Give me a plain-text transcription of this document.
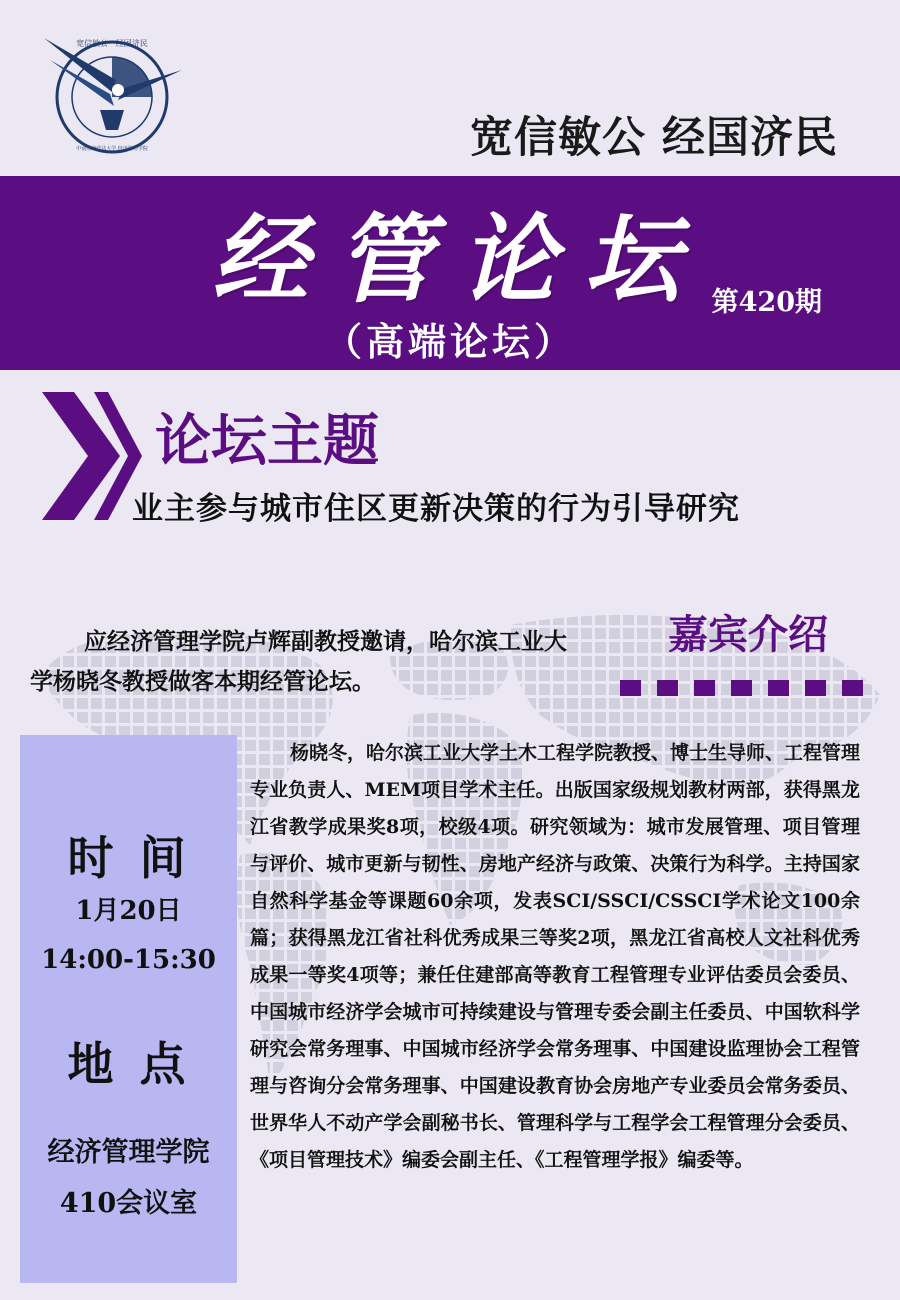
宽信敏公 · 经国济民
中南财经政法大学 经济管理学院	宽信敏公 经国济民
经管论坛 第420期
（高端论坛）
论坛主题
业主参与城市住区更新决策的行为引导研究
应经济管理学院卢辉副教授邀请，哈尔滨工业大学杨晓冬教授做客本期经管论坛。
嘉宾介绍
时间
1月20日
14:00-15:30
地点
经济管理学院
410会议室
杨晓冬，哈尔滨工业大学土木工程学院教授、博士生导师、工程管理专业负责人、MEM项目学术主任。出版国家级规划教材两部，获得黑龙江省教学成果奖8项，校级4项。研究领域为：城市发展管理、项目管理与评价、城市更新与韧性、房地产经济与政策、决策行为科学。主持国家自然科学基金等课题60余项，发表SCI/SSCI/CSSCI学术论文100余篇；获得黑龙江省社科优秀成果三等奖2项，黑龙江省高校人文社科优秀成果一等奖4项等；兼任住建部高等教育工程管理专业评估委员会委员、中国城市经济学会城市可持续建设与管理专委会副主任委员、中国软科学研究会常务理事、中国城市经济学会常务理事、中国建设监理协会工程管理与咨询分会常务理事、中国建设教育协会房地产专业委员会常务委员、世界华人不动产学会副秘书长、管理科学与工程学会工程管理分会委员、《项目管理技术》编委会副主任、《工程管理学报》编委等。
